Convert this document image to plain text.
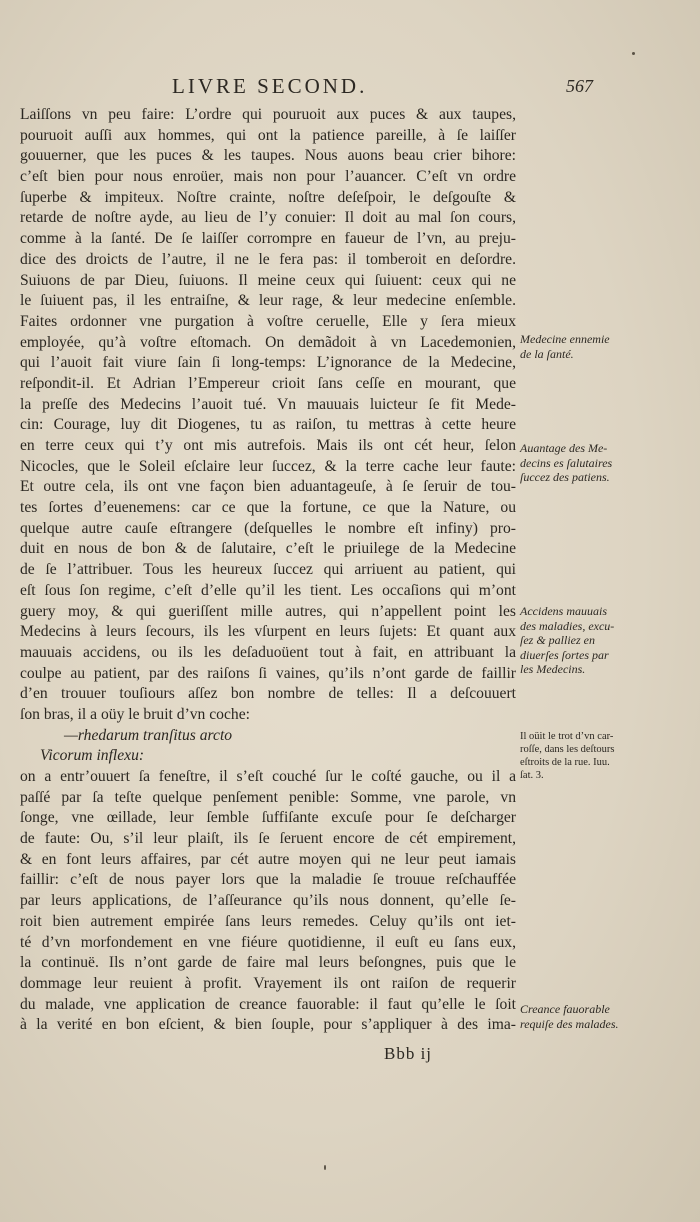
LIVRE SECOND.	567
Laiſſons vn peu faire: L’ordre qui pouruoit aux puces & aux taupes,
pouruoit auſſi aux hommes, qui ont la patience pareille, à ſe laiſſer
gouuerner, que les puces & les taupes. Nous auons beau crier bihore:
c’eſt bien pour nous enroüer, mais non pour l’auancer. C’eſt vn ordre
ſuperbe & impiteux. Noſtre crainte, noſtre deſeſpoir, le deſgouſte &
retarde de noſtre ayde, au lieu de l’y conuier: Il doit au mal ſon cours,
comme à la ſanté. De ſe laiſſer corrompre en faueur de l’vn, au preju-
dice des droicts de l’autre, il ne le fera pas: il tomberoit en deſordre.
Suiuons de par Dieu, ſuiuons. Il meine ceux qui ſuiuent: ceux qui ne
le ſuiuent pas, il les entraiſne, & leur rage, & leur medecine enſemble.
Faites ordonner vne purgation à voſtre ceruelle, Elle y ſera mieux
employée, qu’à voſtre eſtomach. On demãdoit à vn Lacedemonien,
qui l’auoit fait viure ſain ſi long-temps: L’ignorance de la Medecine,
reſpondit-il. Et Adrian l’Empereur crioit ſans ceſſe en mourant, que
la preſſe des Medecins l’auoit tué. Vn mauuais luicteur ſe fit Mede-
cin: Courage, luy dit Diogenes, tu as raiſon, tu mettras à cette heure
en terre ceux qui t’y ont mis autrefois. Mais ils ont cét heur, ſelon
Nicocles, que le Soleil eſclaire leur ſuccez, & la terre cache leur faute:
Et outre cela, ils ont vne façon bien aduantageuſe, à ſe ſeruir de tou-
tes ſortes d’euenemens: car ce que la fortune, ce que la Nature, ou
quelque autre cauſe eſtrangere (deſquelles le nombre eſt infiny) pro-
duit en nous de bon & de ſalutaire, c’eſt le priuilege de la Medecine
de ſe l’attribuer. Tous les heureux ſuccez qui arriuent au patient, qui
eſt ſous ſon regime, c’eſt d’elle qu’il les tient. Les occaſions qui m’ont
guery moy, & qui gueriſſent mille autres, qui n’appellent point les
Medecins à leurs ſecours, ils les vſurpent en leurs ſujets: Et quant aux
mauuais accidens, ou ils les deſaduoüent tout à fait, en attribuant la
coulpe au patient, par des raiſons ſi vaines, qu’ils n’ont garde de faillir
d’en trouuer touſiours aſſez bon nombre de telles: Il a deſcouuert
ſon bras, il a oüy le bruit d’vn coche:
—rhedarum tranſitus arcto
Vicorum inflexu:
on a entr’ouuert ſa feneſtre, il s’eſt couché ſur le coſté gauche, ou il a
paſſé par ſa teſte quelque penſement penible: Somme, vne parole, vn
ſonge, vne œillade, leur ſemble ſuffiſante excuſe pour ſe deſcharger
de faute: Ou, s’il leur plaiſt, ils ſe ſeruent encore de cét empirement,
& en font leurs affaires, par cét autre moyen qui ne leur peut iamais
faillir: c’eſt de nous payer lors que la maladie ſe trouue reſchauffée
par leurs applications, de l’aſſeurance qu’ils nous donnent, qu’elle ſe-
roit bien autrement empirée ſans leurs remedes. Celuy qu’ils ont iet-
té d’vn morfondement en vne fiéure quotidienne, il euſt eu ſans eux,
la continuë. Ils n’ont garde de faire mal leurs beſongnes, puis que le
dommage leur reuient à profit. Vrayement ils ont raiſon de requerir
du malade, vne application de creance fauorable: il faut qu’elle le ſoit
à la verité en bon eſcient, & bien ſouple, pour s’appliquer à des ima-
Medecine ennemie
de la ſanté.
Auantage des Me-
decins es ſalutaires
ſuccez des patiens.
Accidens mauuais
des maladies, excu-
ſez & palliez en
diuerſes ſortes par
les Medecins.
Il oüit le trot d’vn car-
roſſe, dans les deſtours
eſtroits de la rue. Iuu.
ſat. 3.
Creance fauorable
requiſe des malades.
Bbb ij
